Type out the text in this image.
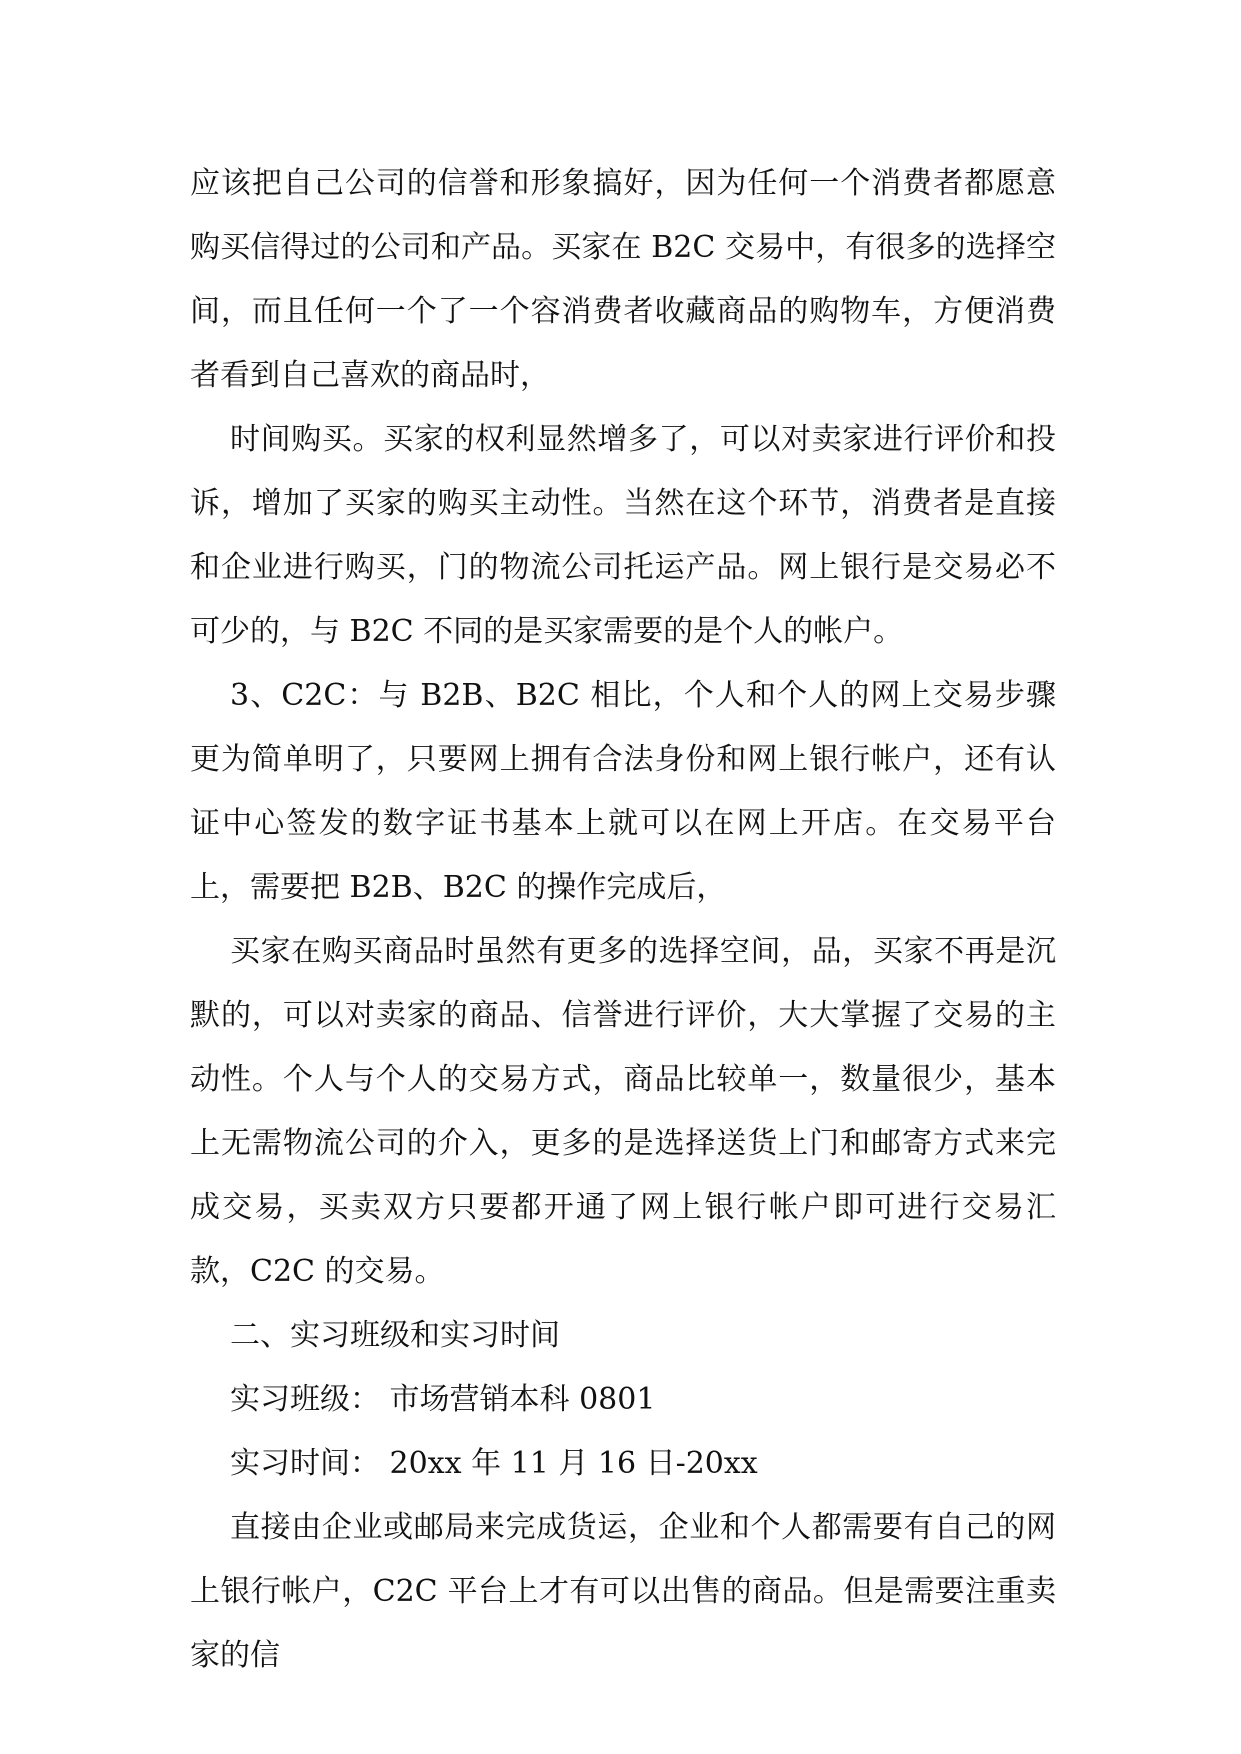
应该把自己公司的信誉和形象搞好，因为任何一个消费者都愿意购买信得过的公司和产品。买家在 B2C 交易中，有很多的选择空间，而且任何一个了一个容消费者收藏商品的购物车，方便消费者看到自己喜欢的商品时，

时间购买。买家的权利显然增多了，可以对卖家进行评价和投诉，增加了买家的购买主动性。当然在这个环节，消费者是直接和企业进行购买，门的物流公司托运产品。网上银行是交易必不可少的，与 B2C 不同的是买家需要的是个人的帐户。

3、C2C：与 B2B、B2C 相比，个人和个人的网上交易步骤更为简单明了，只要网上拥有合法身份和网上银行帐户，还有认证中心签发的数字证书基本上就可以在网上开店。在交易平台上，需要把 B2B、B2C 的操作完成后，

买家在购买商品时虽然有更多的选择空间，品，买家不再是沉默的，可以对卖家的商品、信誉进行评价，大大掌握了交易的主动性。个人与个人的交易方式，商品比较单一，数量很少，基本上无需物流公司的介入，更多的是选择送货上门和邮寄方式来完成交易，买卖双方只要都开通了网上银行帐户即可进行交易汇款，C2C 的交易。

二、实习班级和实习时间

实习班级： 市场营销本科 0801

实习时间： 20xx 年 11 月 16 日-20xx

直接由企业或邮局来完成货运，企业和个人都需要有自己的网上银行帐户，C2C 平台上才有可以出售的商品。但是需要注重卖家的信
